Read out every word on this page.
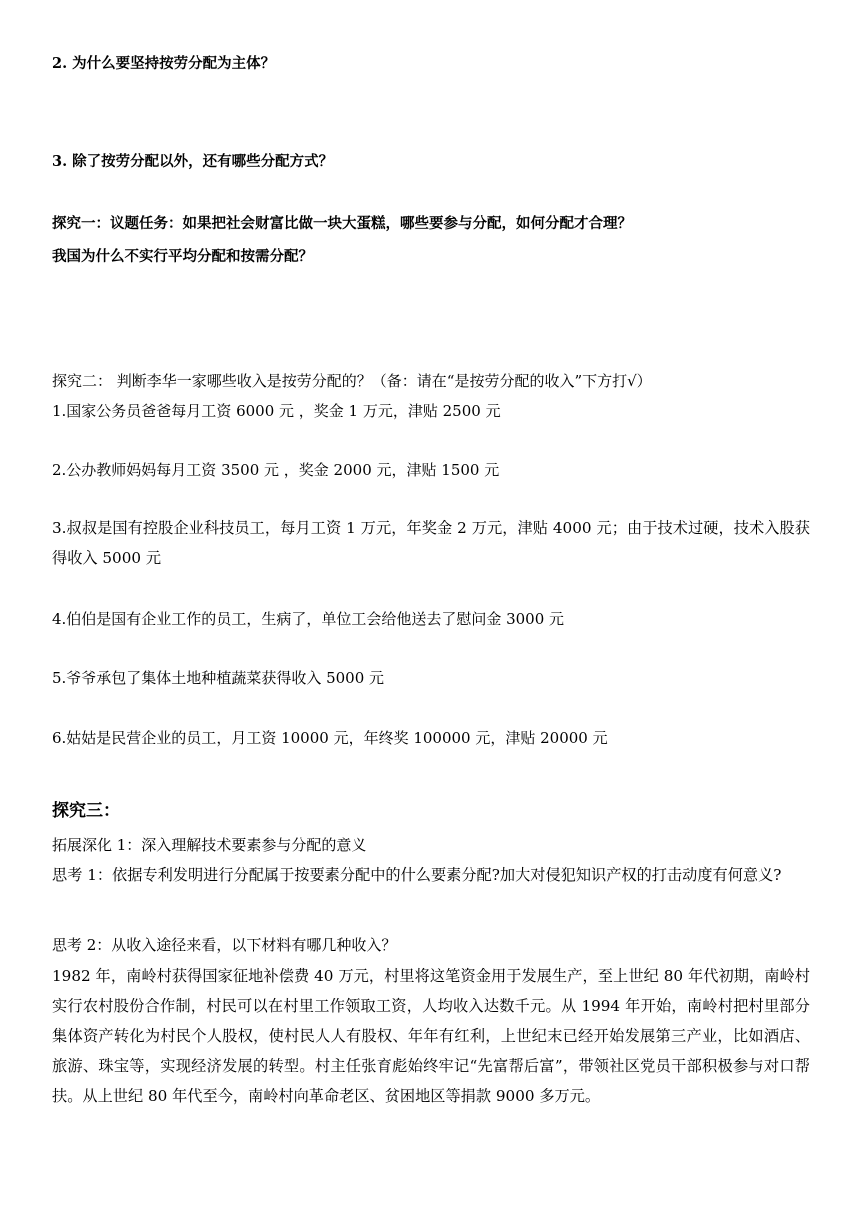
2. 为什么要坚持按劳分配为主体？
3. 除了按劳分配以外，还有哪些分配方式？
探究一：议题任务：如果把社会财富比做一块大蛋糕，哪些要参与分配，如何分配才合理？
我国为什么不实行平均分配和按需分配？
探究二： 判断李华一家哪些收入是按劳分配的？（备：请在“是按劳分配的收入”下方打√）
1.国家公务员爸爸每月工资 6000 元 ，奖金 1 万元，津贴 2500 元
2.公办教师妈妈每月工资 3500 元 ，奖金 2000 元，津贴 1500 元
3.叔叔是国有控股企业科技员工，每月工资 1 万元，年奖金 2 万元，津贴 4000 元；由于技术过硬，技术入股获得收入 5000 元
4.伯伯是国有企业工作的员工，生病了，单位工会给他送去了慰问金 3000 元
5.爷爷承包了集体土地种植蔬菜获得收入 5000 元
6.姑姑是民营企业的员工，月工资 10000 元，年终奖 100000 元，津贴 20000 元
探究三：
拓展深化 1：深入理解技术要素参与分配的意义
思考 1：依据专利发明进行分配属于按要素分配中的什么要素分配?加大对侵犯知识产权的打击动度有何意义?
思考 2：从收入途径来看，以下材料有哪几种收入？
1982 年，南岭村获得国家征地补偿费 40 万元，村里将这笔资金用于发展生产，至上世纪 80 年代初期，南岭村实行农村股份合作制，村民可以在村里工作领取工资，人均收入达数千元。从 1994 年开始，南岭村把村里部分集体资产转化为村民个人股权，使村民人人有股权、年年有红利，上世纪末已经开始发展第三产业，比如酒店、旅游、珠宝等，实现经济发展的转型。村主任张育彪始终牢记“先富帮后富”，带领社区党员干部积极参与对口帮扶。从上世纪 80 年代至今，南岭村向革命老区、贫困地区等捐款 9000 多万元。
